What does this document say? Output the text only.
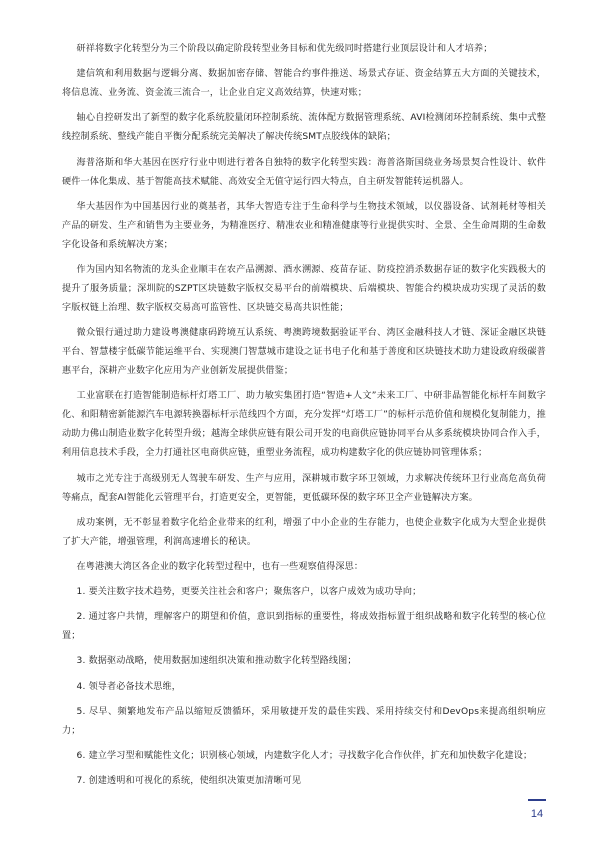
研祥将数字化转型分为三个阶段以确定阶段转型业务目标和优先级同时搭建行业顶层设计和人才培养；

建信筑和利用数据与逻辑分离、数据加密存储、智能合约事件推送、场景式存证、资金结算五大方面的关键技术，将信息流、业务流、资金流三流合一，让企业自定义高效结算，快速对账；

轴心自控研发出了新型的数字化系统胶量闭环控制系统、流体配方数据管理系统、AVI检测闭环控制系统、集中式整线控制系统、整线产能自平衡分配系统完美解决了解决传统SMT点胶线体的缺陷；

海普洛斯和华大基因在医疗行业中则进行着各自独特的数字化转型实践：海普洛斯国绕业务场景契合性设计、软件硬件一体化集成、基于智能高技术赋能、高效安全无值守运行四大特点，自主研发智能转运机器人。

华大基因作为中国基因行业的奠基者，其华大智造专注于生命科学与生物技术领域，以仪器设备、试剂耗材等相关产品的研发、生产和销售为主要业务，为精准医疗、精准农业和精准健康等行业提供实时、全景、全生命周期的生命数字化设备和系统解决方案；

作为国内知名物流的龙头企业顺丰在农产品溯源、酒水溯源、疫苗存证、防疫控消杀数据存证的数字化实践极大的提升了服务质量；深圳院的SZPT区块链数字版权交易平台的前端模块、后端模块、智能合约模块成功实现了灵活的数字版权链上治理、数字版权交易高可监管性、区块链交易高共识性能；

微众银行通过助力建设粤澳健康码跨境互认系统、粤澳跨境数据验证平台、湾区金融科技人才链、深证金融区块链平台、智慧楼宇低碳节能运维平台、实现澳门智慧城市建设之证书电子化和基于善度和区块链技术助力建设政府级碳普惠平台，深耕产业数字化应用为产业创新发展提供借鉴；

工业富联在打造智能制造标杆灯塔工厂、助力敏实集团打造“智造+人文”未来工厂、中研非晶智能化标杆车间数字化、和阳精密新能源汽车电源转换器标杆示范线四个方面，充分发挥“灯塔工厂”的标杆示范价值和规模化复制能力，推动助力佛山制造业数字化转型升级；越海全球供应链有限公司开发的电商供应链协同平台从多系统模块协同合作入手，利用信息技术手段，全力打通社区电商供应链，重塑业务流程，成功构建数字化的供应链协同管理体系；

城市之光专注于高级别无人驾驶车研发、生产与应用，深耕城市数字环卫领域，力求解决传统环卫行业高危高负荷等痛点，配套AI智能化云管理平台，打造更安全，更智能，更低碳环保的数字环卫全产业链解决方案。

成功案例，无不彰显着数字化给企业带来的红利，增强了中小企业的生存能力，也使企业数字化成为大型企业提供了扩大产能，增强管理，利润高速增长的秘诀。

在粤港澳大湾区各企业的数字化转型过程中，也有一些观察值得深思：

1. 要关注数字技术趋势，更要关注社会和客户；聚焦客户，以客户成效为成功导向；

2. 通过客户共情，理解客户的期望和价值，意识到指标的重要性，将成效指标置于组织战略和数字化转型的核心位置；

3. 数据驱动战略，使用数据加速组织决策和推动数字化转型路线图；

4. 领导者必备技术思维，

5. 尽早、频繁地发布产品以缩短反馈循环，采用敏捷开发的最佳实践、采用持续交付和DevOps来提高组织响应力；

6. 建立学习型和赋能性文化；识别核心领域，内建数字化人才；寻找数字化合作伙伴，扩充和加快数字化建设；

7. 创建透明和可视化的系统，使组织决策更加清晰可见

14
